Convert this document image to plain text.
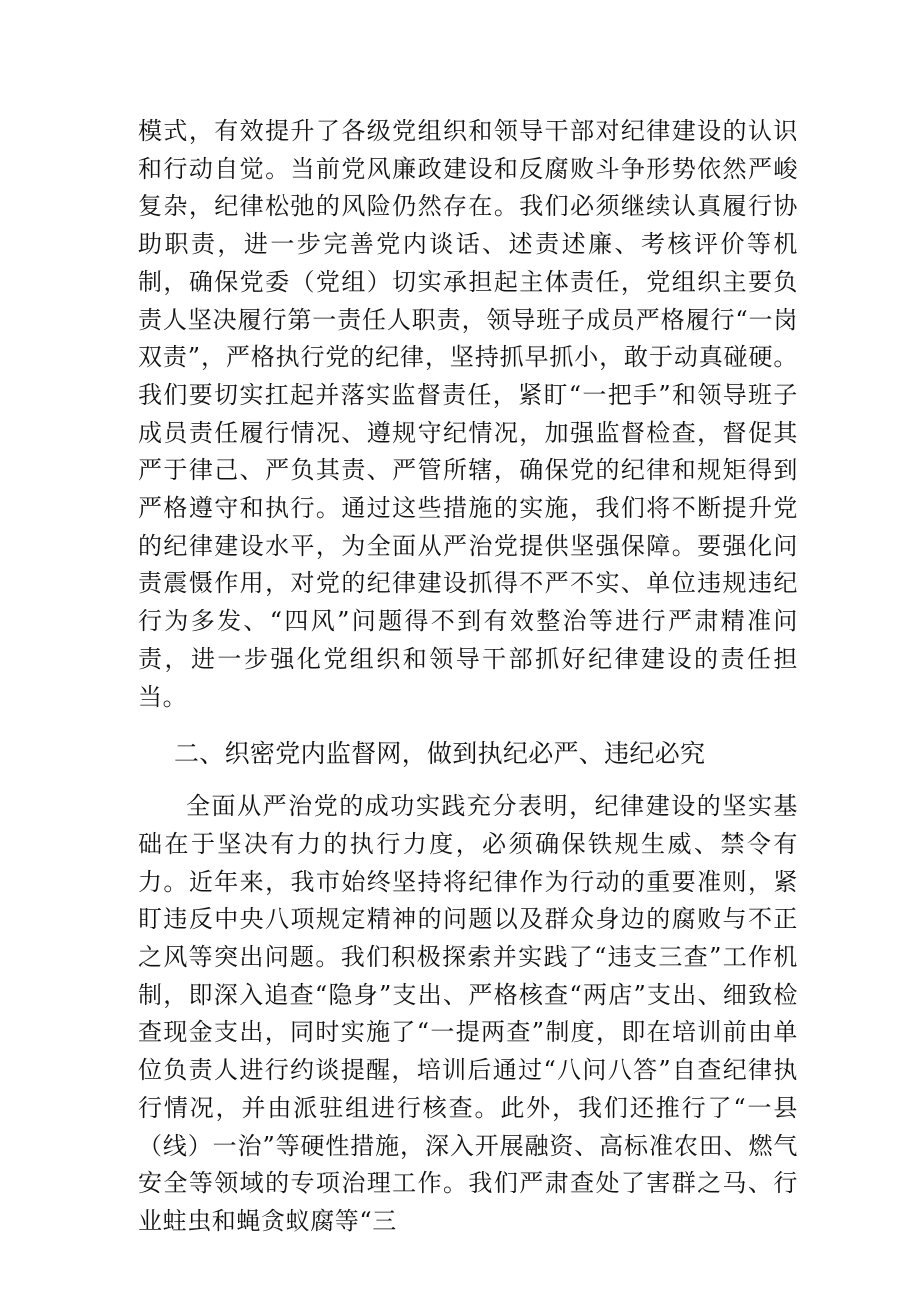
模式，有效提升了各级党组织和领导干部对纪律建设的认识和行动自觉。当前党风廉政建设和反腐败斗争形势依然严峻复杂，纪律松弛的风险仍然存在。我们必须继续认真履行协助职责，进一步完善党内谈话、述责述廉、考核评价等机制，确保党委（党组）切实承担起主体责任，党组织主要负责人坚决履行第一责任人职责，领导班子成员严格履行“一岗双责”，严格执行党的纪律，坚持抓早抓小，敢于动真碰硬。我们要切实扛起并落实监督责任，紧盯“一把手”和领导班子成员责任履行情况、遵规守纪情况，加强监督检查，督促其严于律己、严负其责、严管所辖，确保党的纪律和规矩得到严格遵守和执行。通过这些措施的实施，我们将不断提升党的纪律建设水平，为全面从严治党提供坚强保障。要强化问责震慑作用，对党的纪律建设抓得不严不实、单位违规违纪行为多发、“四风”问题得不到有效整治等进行严肃精准问责，进一步强化党组织和领导干部抓好纪律建设的责任担当。

二、织密党内监督网，做到执纪必严、违纪必究

全面从严治党的成功实践充分表明，纪律建设的坚实基础在于坚决有力的执行力度，必须确保铁规生威、禁令有力。近年来，我市始终坚持将纪律作为行动的重要准则，紧盯违反中央八项规定精神的问题以及群众身边的腐败与不正之风等突出问题。我们积极探索并实践了“违支三查”工作机制，即深入追查“隐身”支出、严格核查“两店”支出、细致检查现金支出，同时实施了“一提两查”制度，即在培训前由单位负责人进行约谈提醒，培训后通过“八问八答”自查纪律执行情况，并由派驻组进行核查。此外，我们还推行了“一县（线）一治”等硬性措施，深入开展融资、高标准农田、燃气安全等领域的专项治理工作。我们严肃查处了害群之马、行业蛀虫和蝇贪蚁腐等“三
